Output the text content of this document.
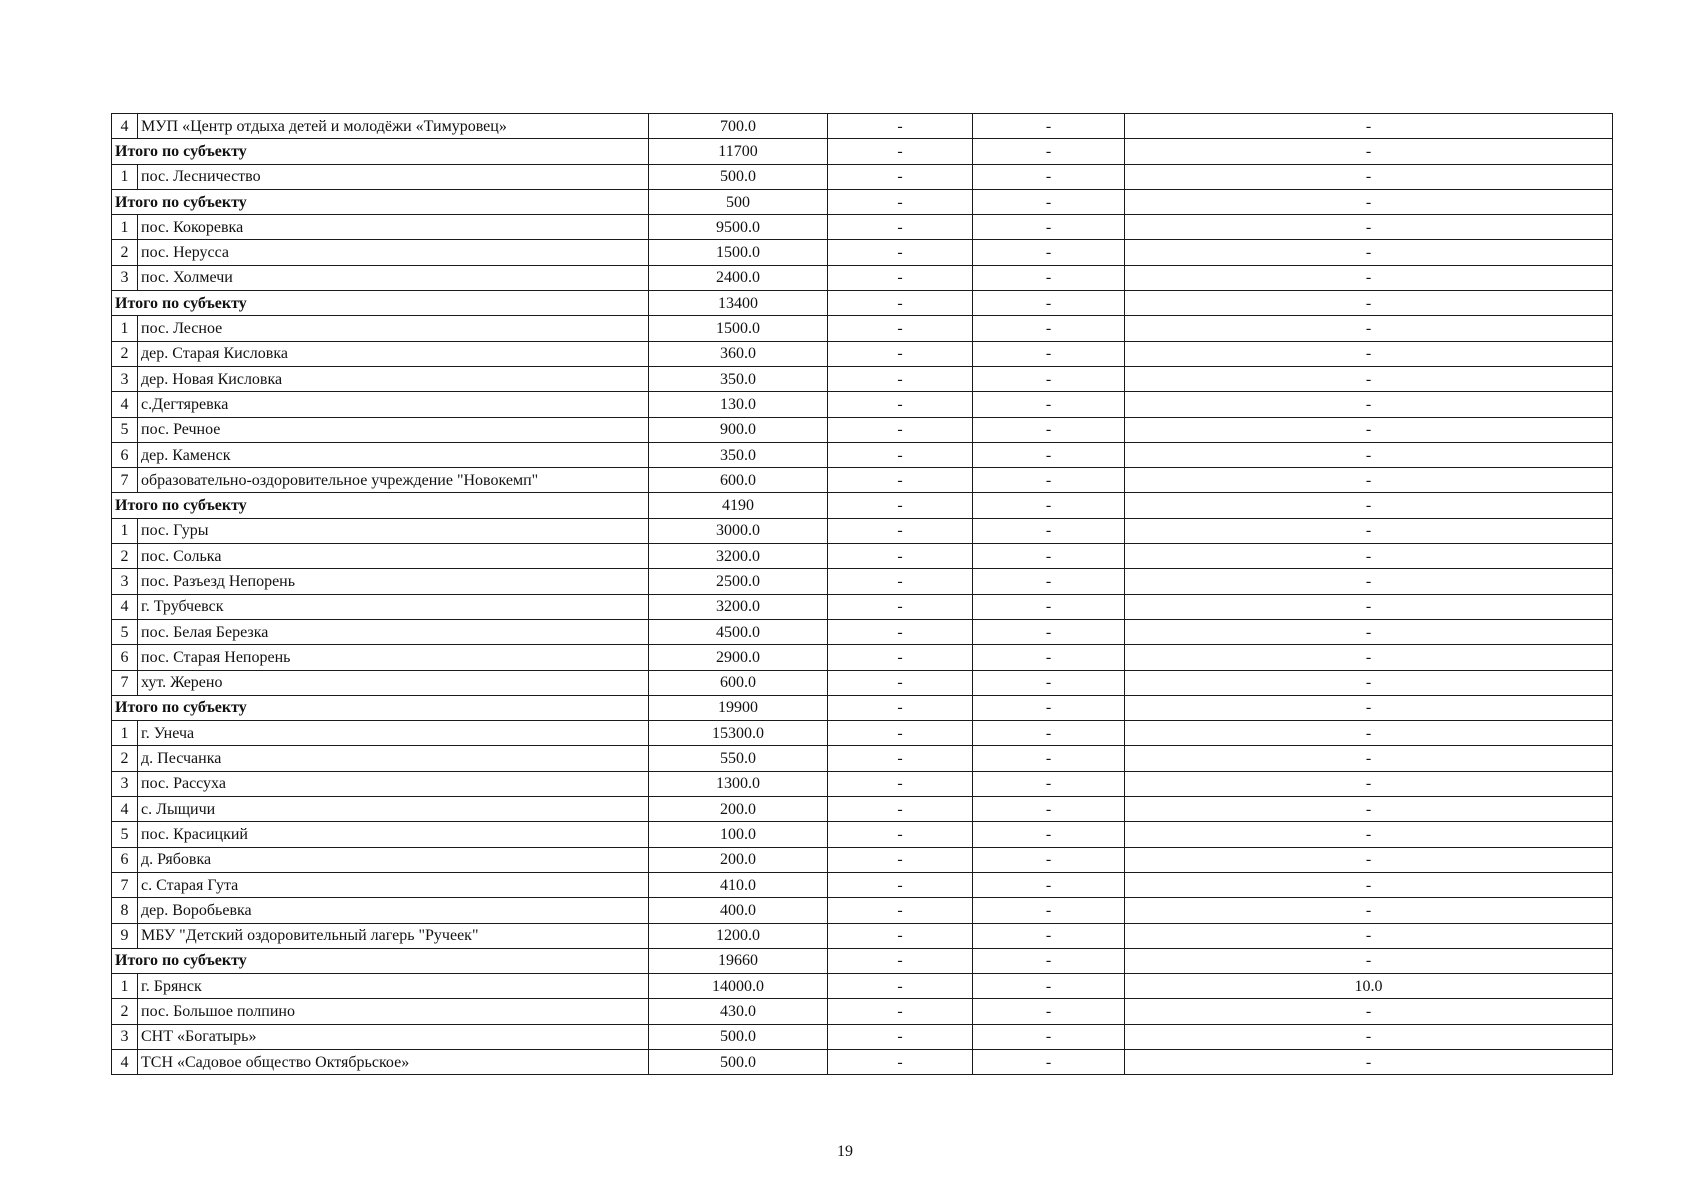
4	МУП «Центр отдыха детей и молодёжи «Тимуровец»	700.0	-	-	-
Итого по субъекту		11700	-	-	-
1	пос. Лесничество	500.0	-	-	-
Итого по субъекту		500	-	-	-
1	пос. Кокоревка	9500.0	-	-	-
2	пос. Нерусса	1500.0	-	-	-
3	пос. Холмечи	2400.0	-	-	-
Итого по субъекту		13400	-	-	-
1	пос. Лесное	1500.0	-	-	-
2	дер. Старая Кисловка	360.0	-	-	-
3	дер. Новая Кисловка	350.0	-	-	-
4	с.Дегтяревка	130.0	-	-	-
5	пос. Речное	900.0	-	-	-
6	дер. Каменск	350.0	-	-	-
7	образовательно-оздоровительное учреждение "Новокемп"	600.0	-	-	-
Итого по субъекту		4190	-	-	-
1	пос. Гуры	3000.0	-	-	-
2	пос. Солька	3200.0	-	-	-
3	пос. Разъезд Непорень	2500.0	-	-	-
4	г. Трубчевск	3200.0	-	-	-
5	пос. Белая Березка	4500.0	-	-	-
6	пос. Старая Непорень	2900.0	-	-	-
7	хут. Жерено	600.0	-	-	-
Итого по субъекту		19900	-	-	-
1	г. Унеча	15300.0	-	-	-
2	д. Песчанка	550.0	-	-	-
3	пос. Рассуха	1300.0	-	-	-
4	с. Лыщичи	200.0	-	-	-
5	пос. Красицкий	100.0	-	-	-
6	д. Рябовка	200.0	-	-	-
7	с. Старая Гута	410.0	-	-	-
8	дер. Воробьевка	400.0	-	-	-
9	МБУ "Детский оздоровительный лагерь "Ручеек"	1200.0	-	-	-
Итого по субъекту		19660	-	-	-
1	г. Брянск	14000.0	-	-	10.0
2	пос. Большое полпино	430.0	-	-	-
3	СНТ «Богатырь»	500.0	-	-	-
4	ТСН «Садовое общество Октябрьское»	500.0	-	-	-
19
